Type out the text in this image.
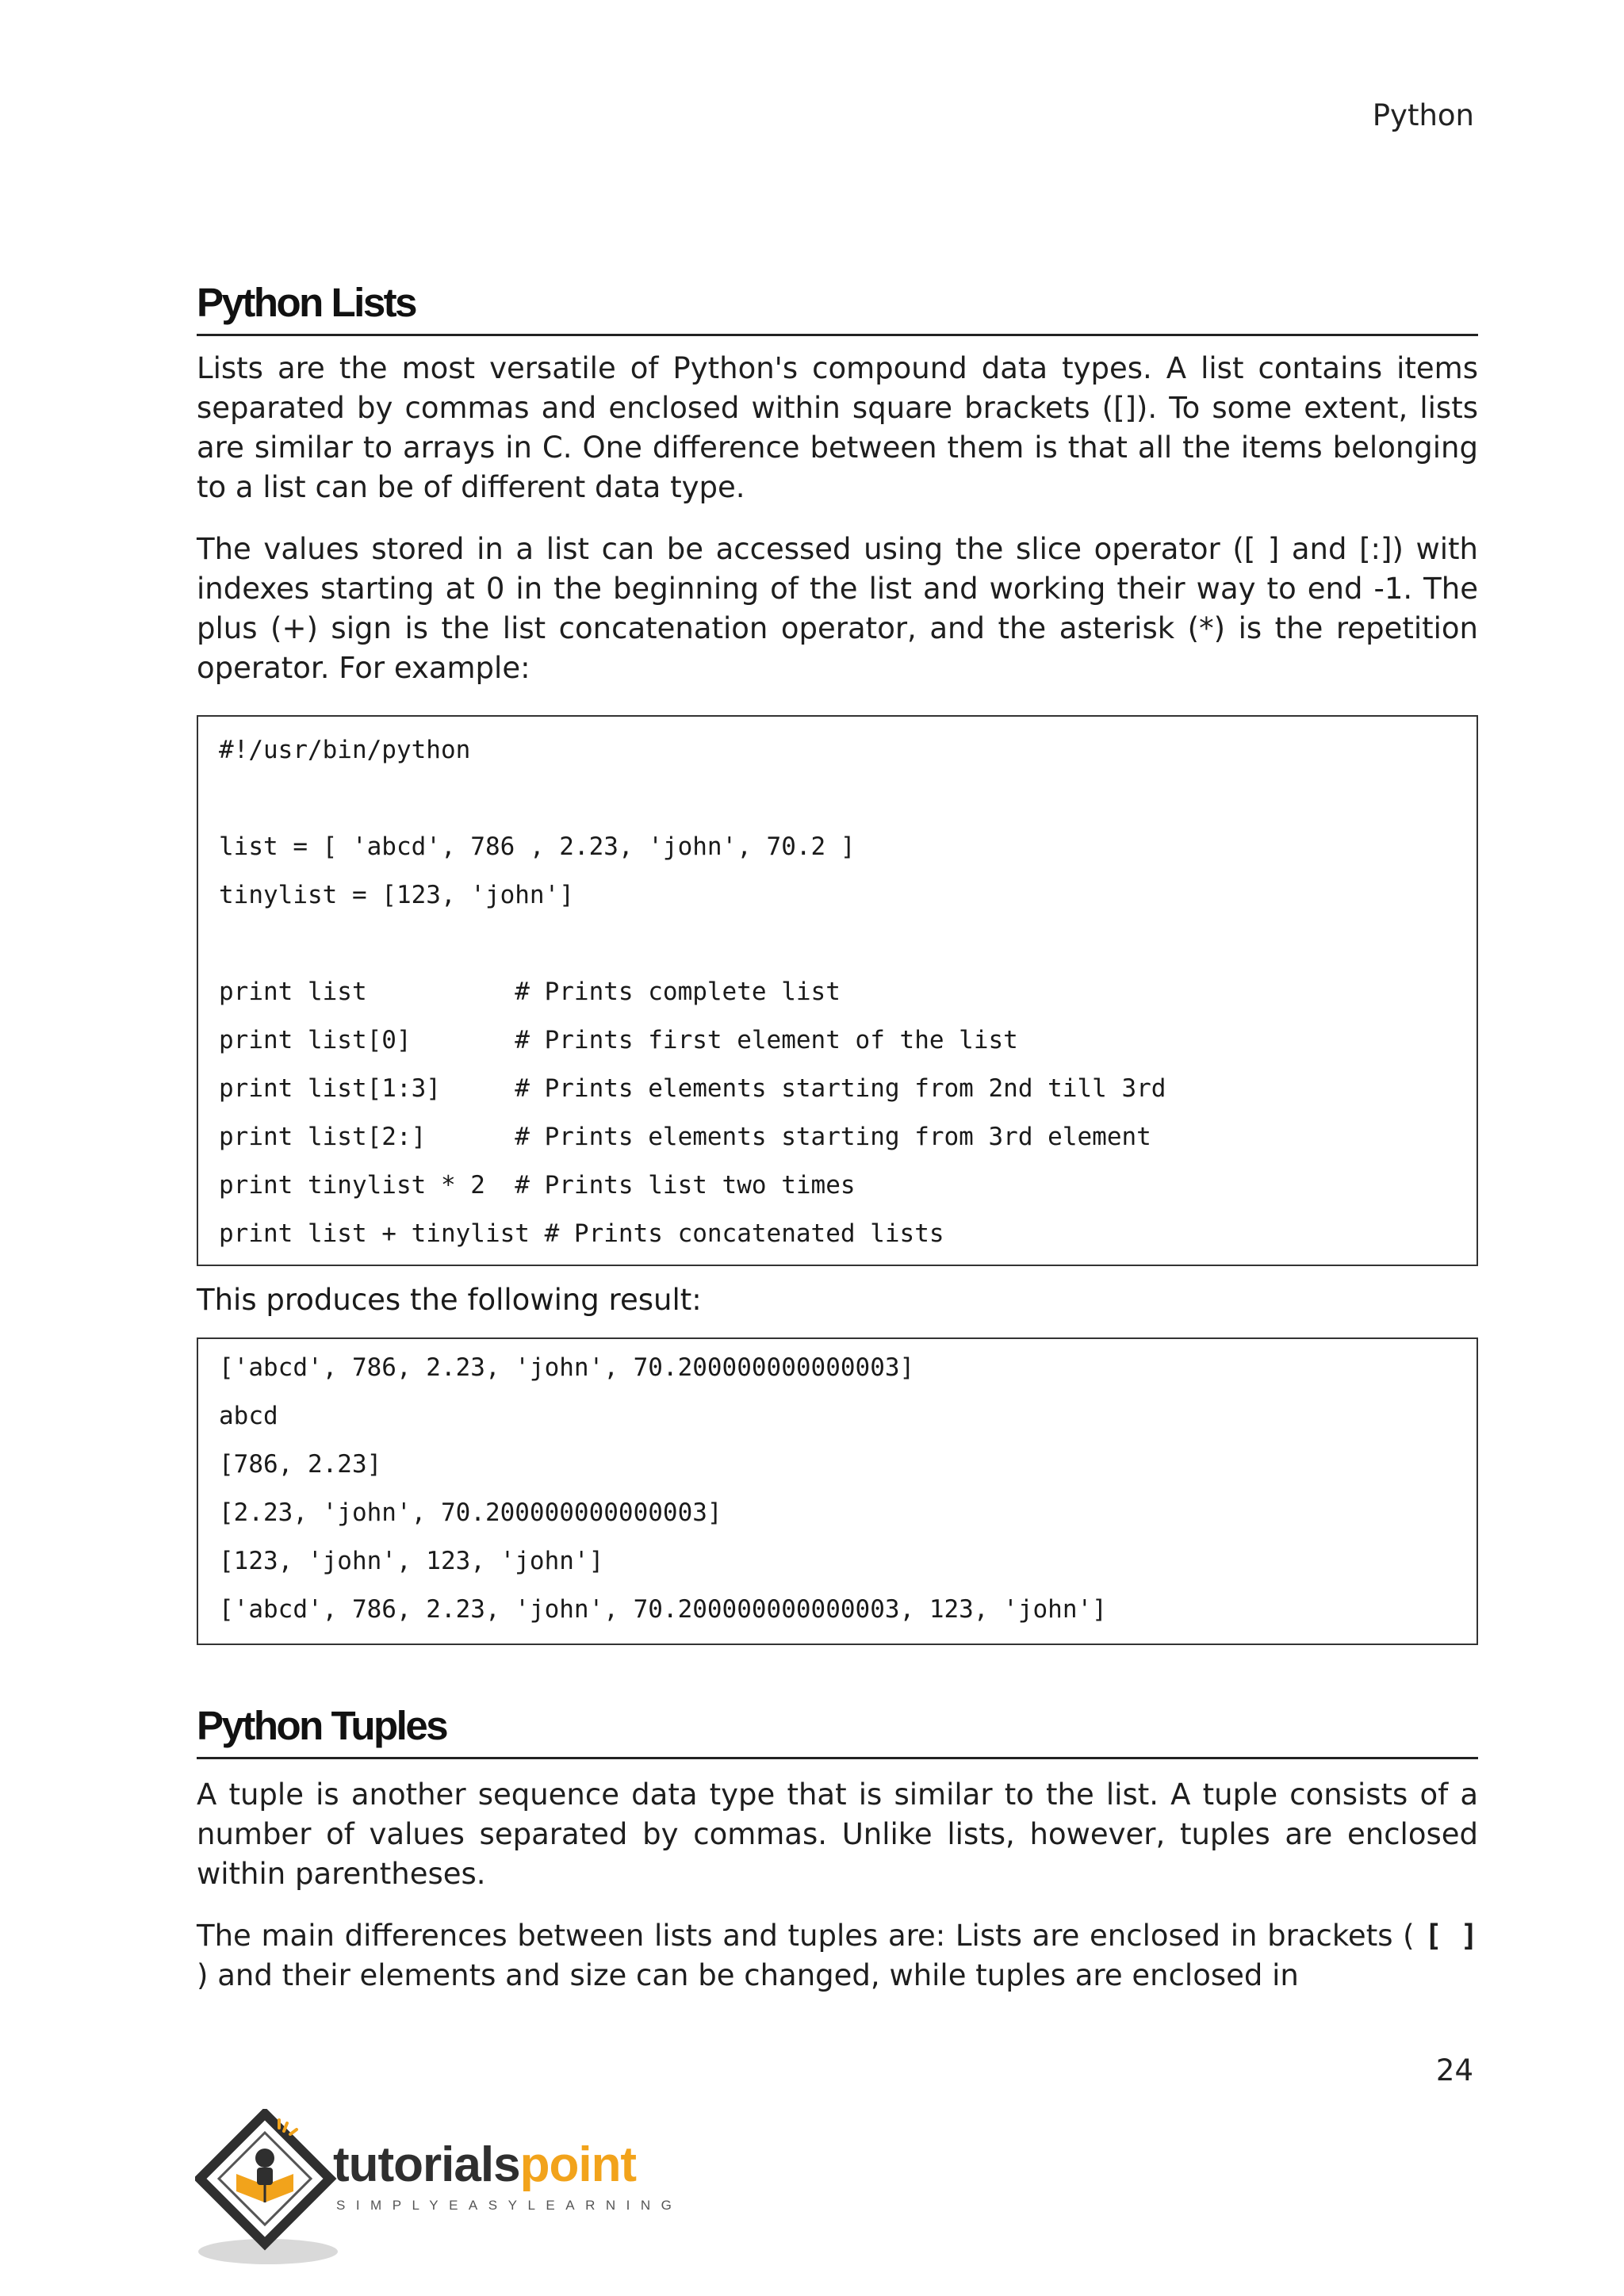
Python
Python Lists

Lists are the most versatile of Python's compound data types. A list contains items separated by commas and enclosed within square brackets ([]). To some extent, lists are similar to arrays in C. One difference between them is that all the items belonging to a list can be of different data type.

The values stored in a list can be accessed using the slice operator ([ ] and [:]) with indexes starting at 0 in the beginning of the list and working their way to end -1. The plus (+) sign is the list concatenation operator, and the asterisk (*) is the repetition operator. For example:

#!/usr/bin/python
list = [ 'abcd', 786 , 2.23, 'john', 70.2 ]
tinylist = [123, 'john']
print list          # Prints complete list
print list[0]       # Prints first element of the list
print list[1:3]     # Prints elements starting from 2nd till 3rd
print list[2:]      # Prints elements starting from 3rd element
print tinylist * 2  # Prints list two times
print list + tinylist # Prints concatenated lists

This produces the following result:

['abcd', 786, 2.23, 'john', 70.200000000000003]
abcd
[786, 2.23]
[2.23, 'john', 70.200000000000003]
[123, 'john', 123, 'john']
['abcd', 786, 2.23, 'john', 70.200000000000003, 123, 'john']
Python Tuples

A tuple is another sequence data type that is similar to the list. A tuple consists of a number of values separated by commas. Unlike lists, however, tuples are enclosed within parentheses.

The main differences between lists and tuples are: Lists are enclosed in brackets ( [ ] ) and their elements and size can be changed, while tuples are enclosed in

24
tutorialspoint
SIMPLYEASYLEARNING
